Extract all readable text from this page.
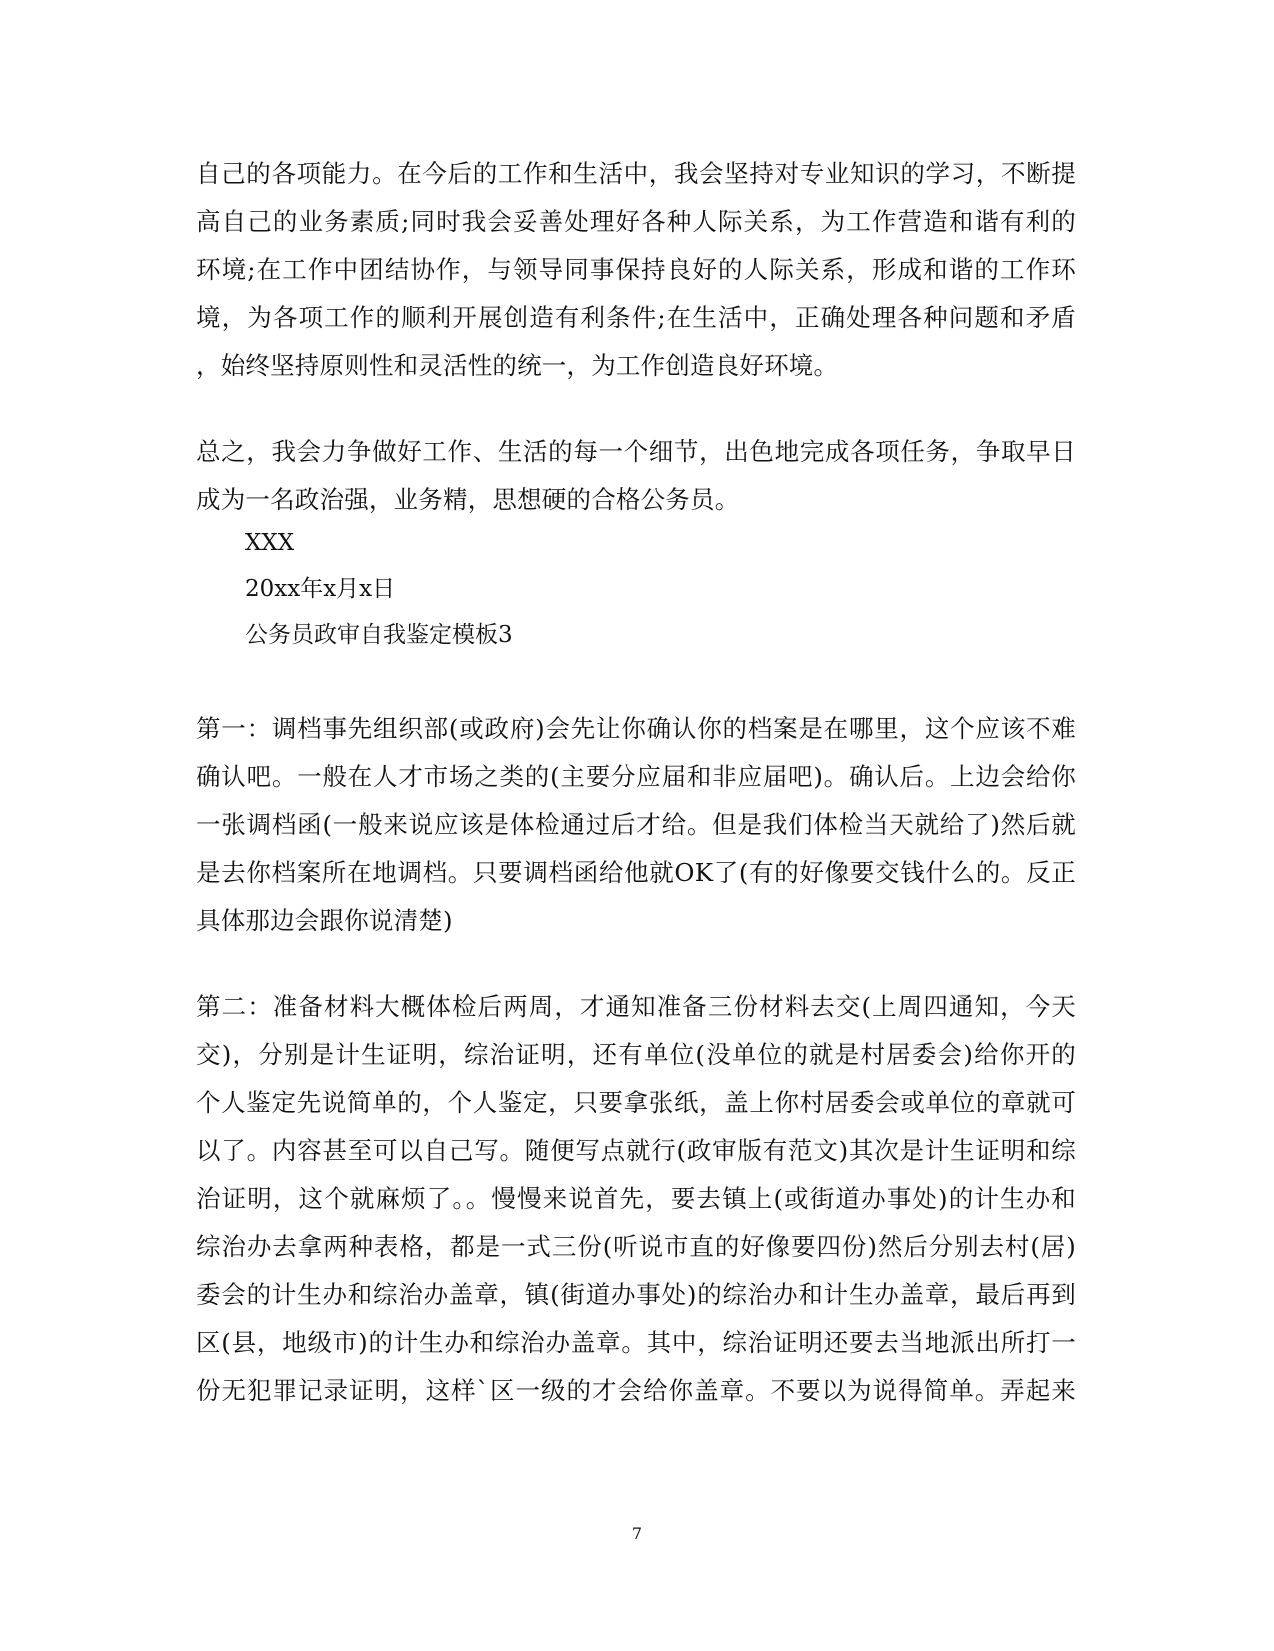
自己的各项能力。在今后的工作和生活中，我会坚持对专业知识的学习，不断提
高自己的业务素质;同时我会妥善处理好各种人际关系，为工作营造和谐有利的
环境;在工作中团结协作，与领导同事保持良好的人际关系，形成和谐的工作环
境，为各项工作的顺利开展创造有利条件;在生活中，正确处理各种问题和矛盾
，始终坚持原则性和灵活性的统一，为工作创造良好环境。
总之，我会力争做好工作、生活的每一个细节，出色地完成各项任务，争取早日
成为一名政治强，业务精，思想硬的合格公务员。
XXX
20xx年x月x日
公务员政审自我鉴定模板3
第一：调档事先组织部(或政府)会先让你确认你的档案是在哪里，这个应该不难
确认吧。一般在人才市场之类的(主要分应届和非应届吧)。确认后。上边会给你
一张调档函(一般来说应该是体检通过后才给。但是我们体检当天就给了)然后就
是去你档案所在地调档。只要调档函给他就OK了(有的好像要交钱什么的。反正
具体那边会跟你说清楚)
第二：准备材料大概体检后两周，才通知准备三份材料去交(上周四通知，今天
交)，分别是计生证明，综治证明，还有单位(没单位的就是村居委会)给你开的
个人鉴定先说简单的，个人鉴定，只要拿张纸，盖上你村居委会或单位的章就可
以了。内容甚至可以自己写。随便写点就行(政审版有范文)其次是计生证明和综
治证明，这个就麻烦了。。慢慢来说首先，要去镇上(或街道办事处)的计生办和
综治办去拿两种表格，都是一式三份(听说市直的好像要四份)然后分别去村(居)
委会的计生办和综治办盖章，镇(街道办事处)的综治办和计生办盖章，最后再到
区(县，地级市)的计生办和综治办盖章。其中，综治证明还要去当地派出所打一
份无犯罪记录证明，这样`区一级的才会给你盖章。不要以为说得简单。弄起来
7
